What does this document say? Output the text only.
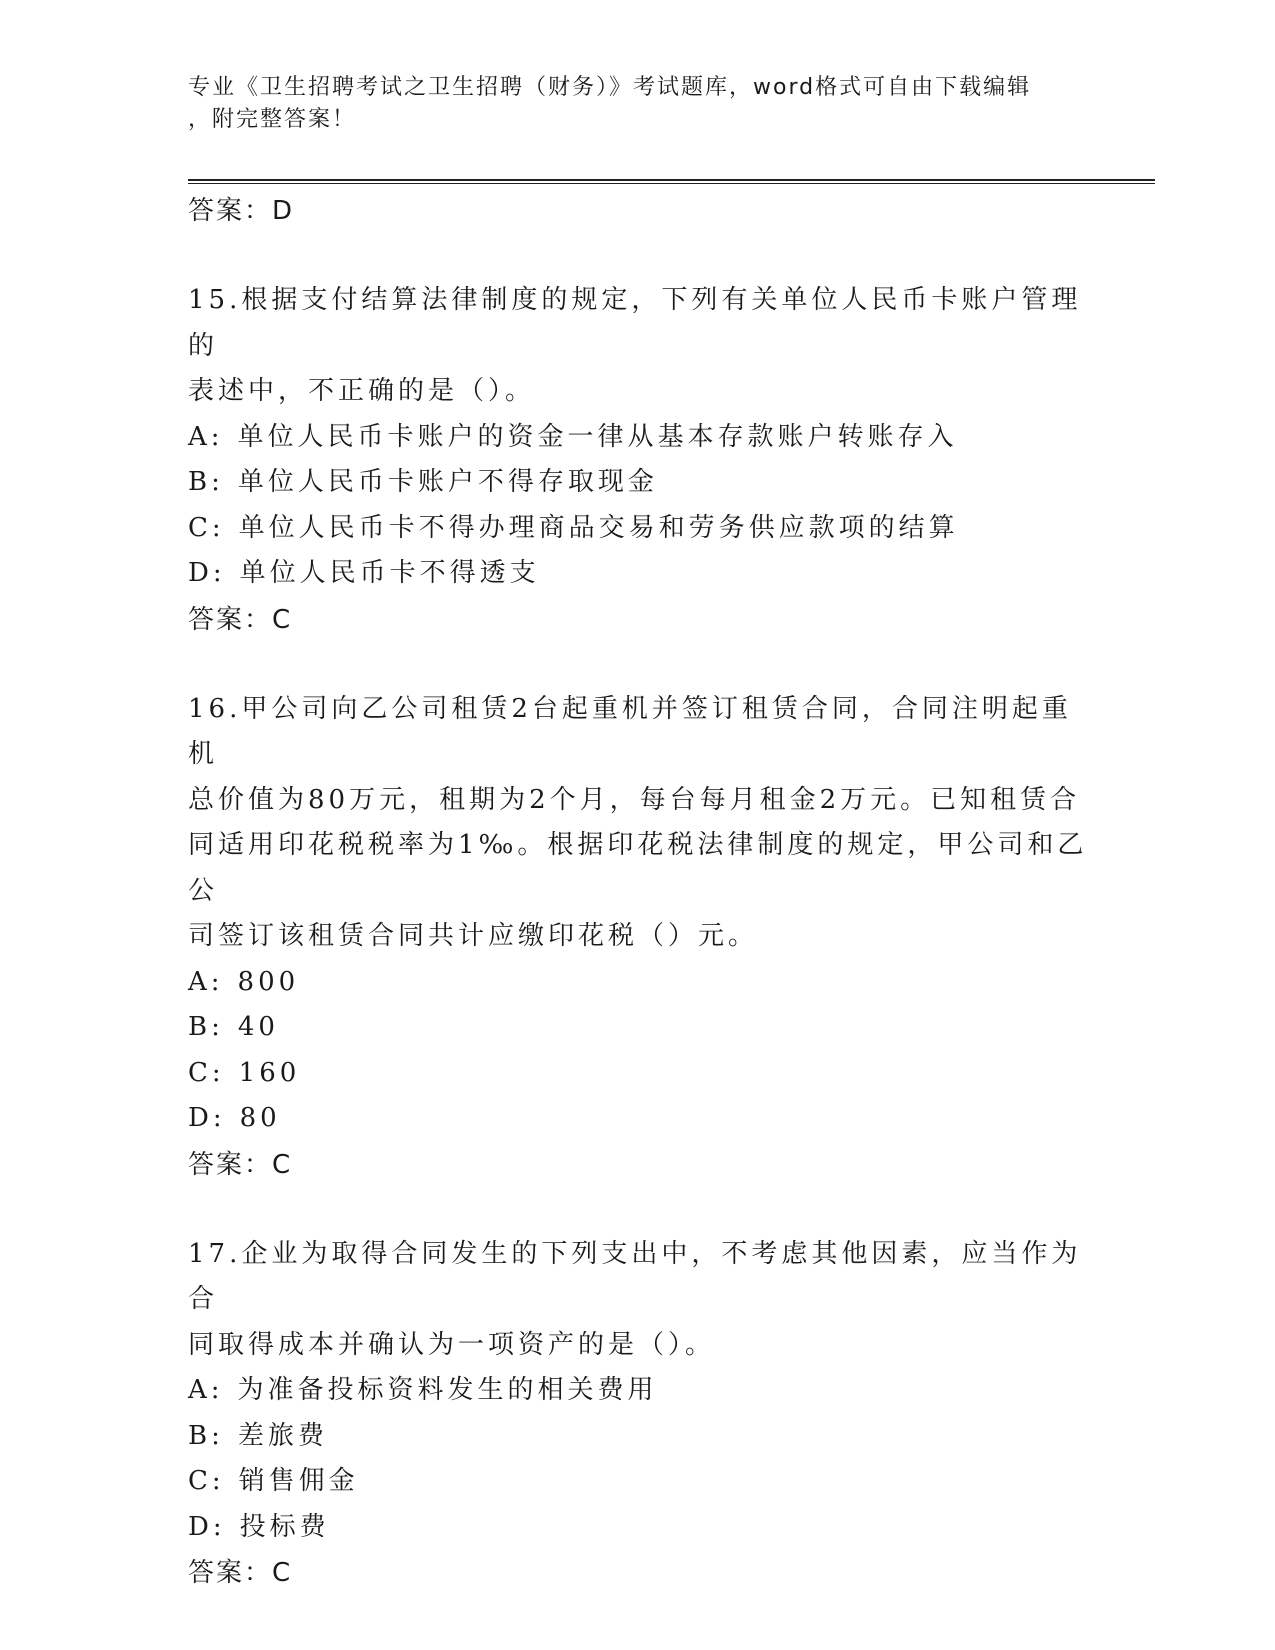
专业《卫生招聘考试之卫生招聘（财务）》考试题库，word格式可自由下载编辑
，附完整答案！

答案：D

15.根据支付结算法律制度的规定，下列有关单位人民币卡账户管理的

表述中，不正确的是（）。

A: 单位人民币卡账户的资金一律从基本存款账户转账存入

B: 单位人民币卡账户不得存取现金

C: 单位人民币卡不得办理商品交易和劳务供应款项的结算

D: 单位人民币卡不得透支

答案：C

16.甲公司向乙公司租赁2台起重机并签订租赁合同，合同注明起重机

总价值为80万元，租期为2个月，每台每月租金2万元。已知租赁合

同适用印花税税率为1‰。根据印花税法律制度的规定，甲公司和乙公

司签订该租赁合同共计应缴印花税（）元。

A: 800

B: 40

C: 160

D: 80

答案：C

17.企业为取得合同发生的下列支出中，不考虑其他因素，应当作为合

同取得成本并确认为一项资产的是（）。

A: 为准备投标资料发生的相关费用

B: 差旅费

C: 销售佣金

D: 投标费

答案：C
